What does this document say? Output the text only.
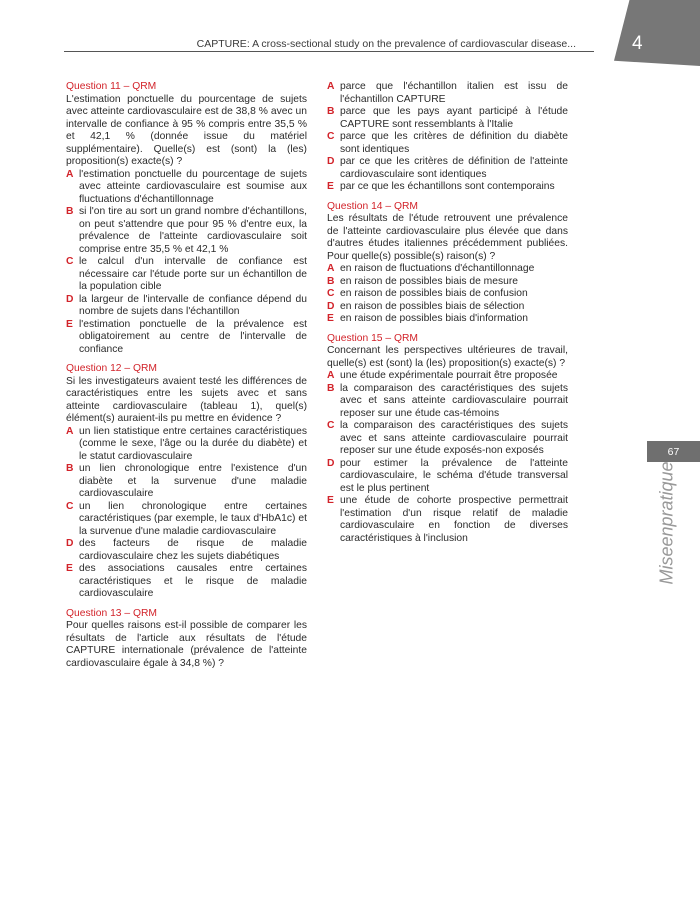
CAPTURE: A cross-sectional study on the prevalence of cardiovascular disease...	4
67
Miseenpratique

Question 11 – QRM

L'estimation ponctuelle du pourcentage de sujets avec atteinte cardiovasculaire est de 38,8 % avec un intervalle de confiance à 95 % compris entre 35,5 % et 42,1 % (donnée issue du matériel supplémentaire). Quelle(s) est (sont) la (les) proposition(s) exacte(s) ?

A l'estimation ponctuelle du pourcentage de sujets avec atteinte cardiovasculaire est soumise aux fluctuations d'échantillonnage
B si l'on tire au sort un grand nombre d'échantillons, on peut s'attendre que pour 95 % d'entre eux, la prévalence de l'atteinte cardiovasculaire soit comprise entre 35,5 % et 42,1 %
C le calcul d'un intervalle de confiance est nécessaire car l'étude porte sur un échantillon de la population cible
D la largeur de l'intervalle de confiance dépend du nombre de sujets dans l'échantillon
E l'estimation ponctuelle de la prévalence est obligatoirement au centre de l'intervalle de confiance

Question 12 – QRM

Si les investigateurs avaient testé les différences de caractéristiques entre les sujets avec et sans atteinte cardiovasculaire (tableau 1), quel(s) élément(s) auraient-ils pu mettre en évidence ?

A un lien statistique entre certaines caractéristiques (comme le sexe, l'âge ou la durée du diabète) et le statut cardiovasculaire
B un lien chronologique entre l'existence d'un diabète et la survenue d'une maladie cardiovasculaire
C un lien chronologique entre certaines caractéristiques (par exemple, le taux d'HbA1c) et la survenue d'une maladie cardiovasculaire
D des facteurs de risque de maladie cardiovasculaire chez les sujets diabétiques
E des associations causales entre certaines caractéristiques et le risque de maladie cardiovasculaire

Question 13 – QRM

Pour quelles raisons est-il possible de comparer les résultats de l'article aux résultats de l'étude CAPTURE internationale (prévalence de l'atteinte cardiovasculaire égale à 34,8 %) ?

A parce que l'échantillon italien est issu de l'échantillon CAPTURE
B parce que les pays ayant participé à l'étude CAPTURE sont ressemblants à l'Italie
C parce que les critères de définition du diabète sont identiques
D par ce que les critères de définition de l'atteinte cardiovasculaire sont identiques
E par ce que les échantillons sont contemporains

Question 14 – QRM

Les résultats de l'étude retrouvent une prévalence de l'atteinte cardiovasculaire plus élevée que dans d'autres études italiennes précédemment publiées. Pour quelle(s) possible(s) raison(s) ?

A en raison de fluctuations d'échantillonnage
B en raison de possibles biais de mesure
C en raison de possibles biais de confusion
D en raison de possibles biais de sélection
E en raison de possibles biais d'information

Question 15 – QRM

Concernant les perspectives ultérieures de travail, quelle(s) est (sont) la (les) proposition(s) exacte(s) ?

A une étude expérimentale pourrait être proposée
B la comparaison des caractéristiques des sujets avec et sans atteinte cardiovasculaire pourrait reposer sur une étude cas-témoins
C la comparaison des caractéristiques des sujets avec et sans atteinte cardiovasculaire pourrait reposer sur une étude exposés-non exposés
D pour estimer la prévalence de l'atteinte cardiovasculaire, le schéma d'étude transversal est le plus pertinent
E une étude de cohorte prospective permettrait l'estimation d'un risque relatif de maladie cardiovasculaire en fonction de diverses caractéristiques à l'inclusion
